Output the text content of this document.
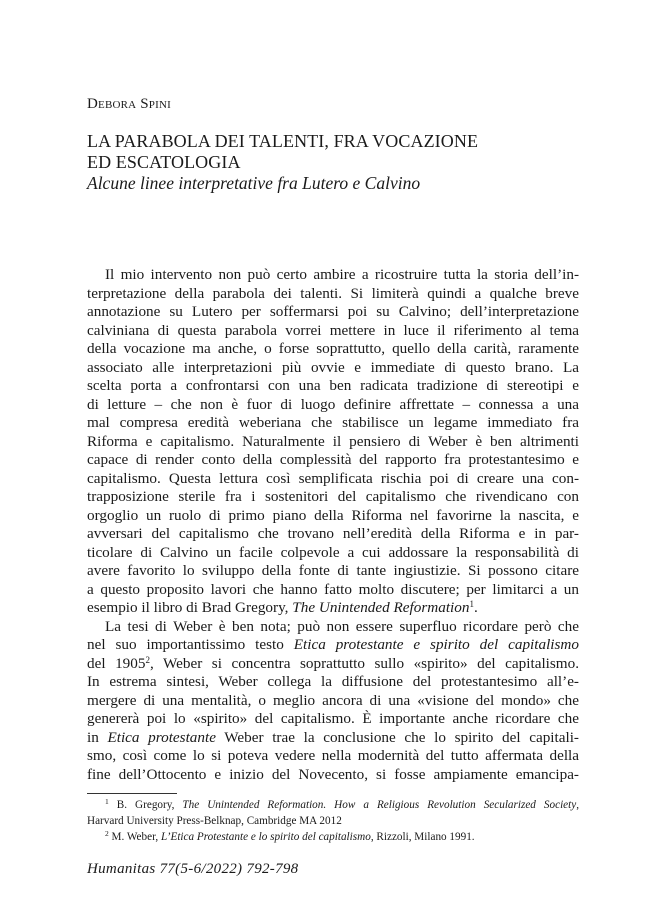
Debora Spini
LA PARABOLA DEI TALENTI, FRA VOCAZIONE
ED ESCATOLOGIA
Alcune linee interpretative fra Lutero e Calvino
Il mio intervento non può certo ambire a ricostruire tutta la storia dell’in-
terpretazione della parabola dei talenti. Si limiterà quindi a qualche breve
annotazione su Lutero per soffermarsi poi su Calvino; dell’interpretazione
calviniana di questa parabola vorrei mettere in luce il riferimento al tema
della vocazione ma anche, o forse soprattutto, quello della carità, raramente
associato alle interpretazioni più ovvie e immediate di questo brano. La
scelta porta a confrontarsi con una ben radicata tradizione di stereotipi e
di letture – che non è fuor di luogo definire affrettate – connessa a una
mal compresa eredità weberiana che stabilisce un legame immediato fra
Riforma e capitalismo. Naturalmente il pensiero di Weber è ben altrimenti
capace di render conto della complessità del rapporto fra protestantesimo e
capitalismo. Questa lettura così semplificata rischia poi di creare una con-
trapposizione sterile fra i sostenitori del capitalismo che rivendicano con
orgoglio un ruolo di primo piano della Riforma nel favorirne la nascita, e
avversari del capitalismo che trovano nell’eredità della Riforma e in par-
ticolare di Calvino un facile colpevole a cui addossare la responsabilità di
avere favorito lo sviluppo della fonte di tante ingiustizie. Si possono citare
a questo proposito lavori che hanno fatto molto discutere; per limitarci a un
esempio il libro di Brad Gregory, The Unintended Reformation$^1$.
La tesi di Weber è ben nota; può non essere superfluo ricordare però che
nel suo importantissimo testo Etica protestante e spirito del capitalismo
del 1905$^2$, Weber si concentra soprattutto sullo «spirito» del capitalismo.
In estrema sintesi, Weber collega la diffusione del protestantesimo all’e-
mergere di una mentalità, o meglio ancora di una «visione del mondo» che
genererà poi lo «spirito» del capitalismo. È importante anche ricordare che
in Etica protestante Weber trae la conclusione che lo spirito del capitali-
smo, così come lo si poteva vedere nella modernità del tutto affermata della
fine dell’Ottocento e inizio del Novecento, si fosse ampiamente emancipa-
$^1$ B. Gregory, The Unintended Reformation. How a Religious Revolution Secularized Society,
Harvard University Press-Belknap, Cambridge MA 2012
$^2$ M. Weber, L’Etica Protestante e lo spirito del capitalismo, Rizzoli, Milano 1991.
Humanitas 77(5-6/2022) 792-798
